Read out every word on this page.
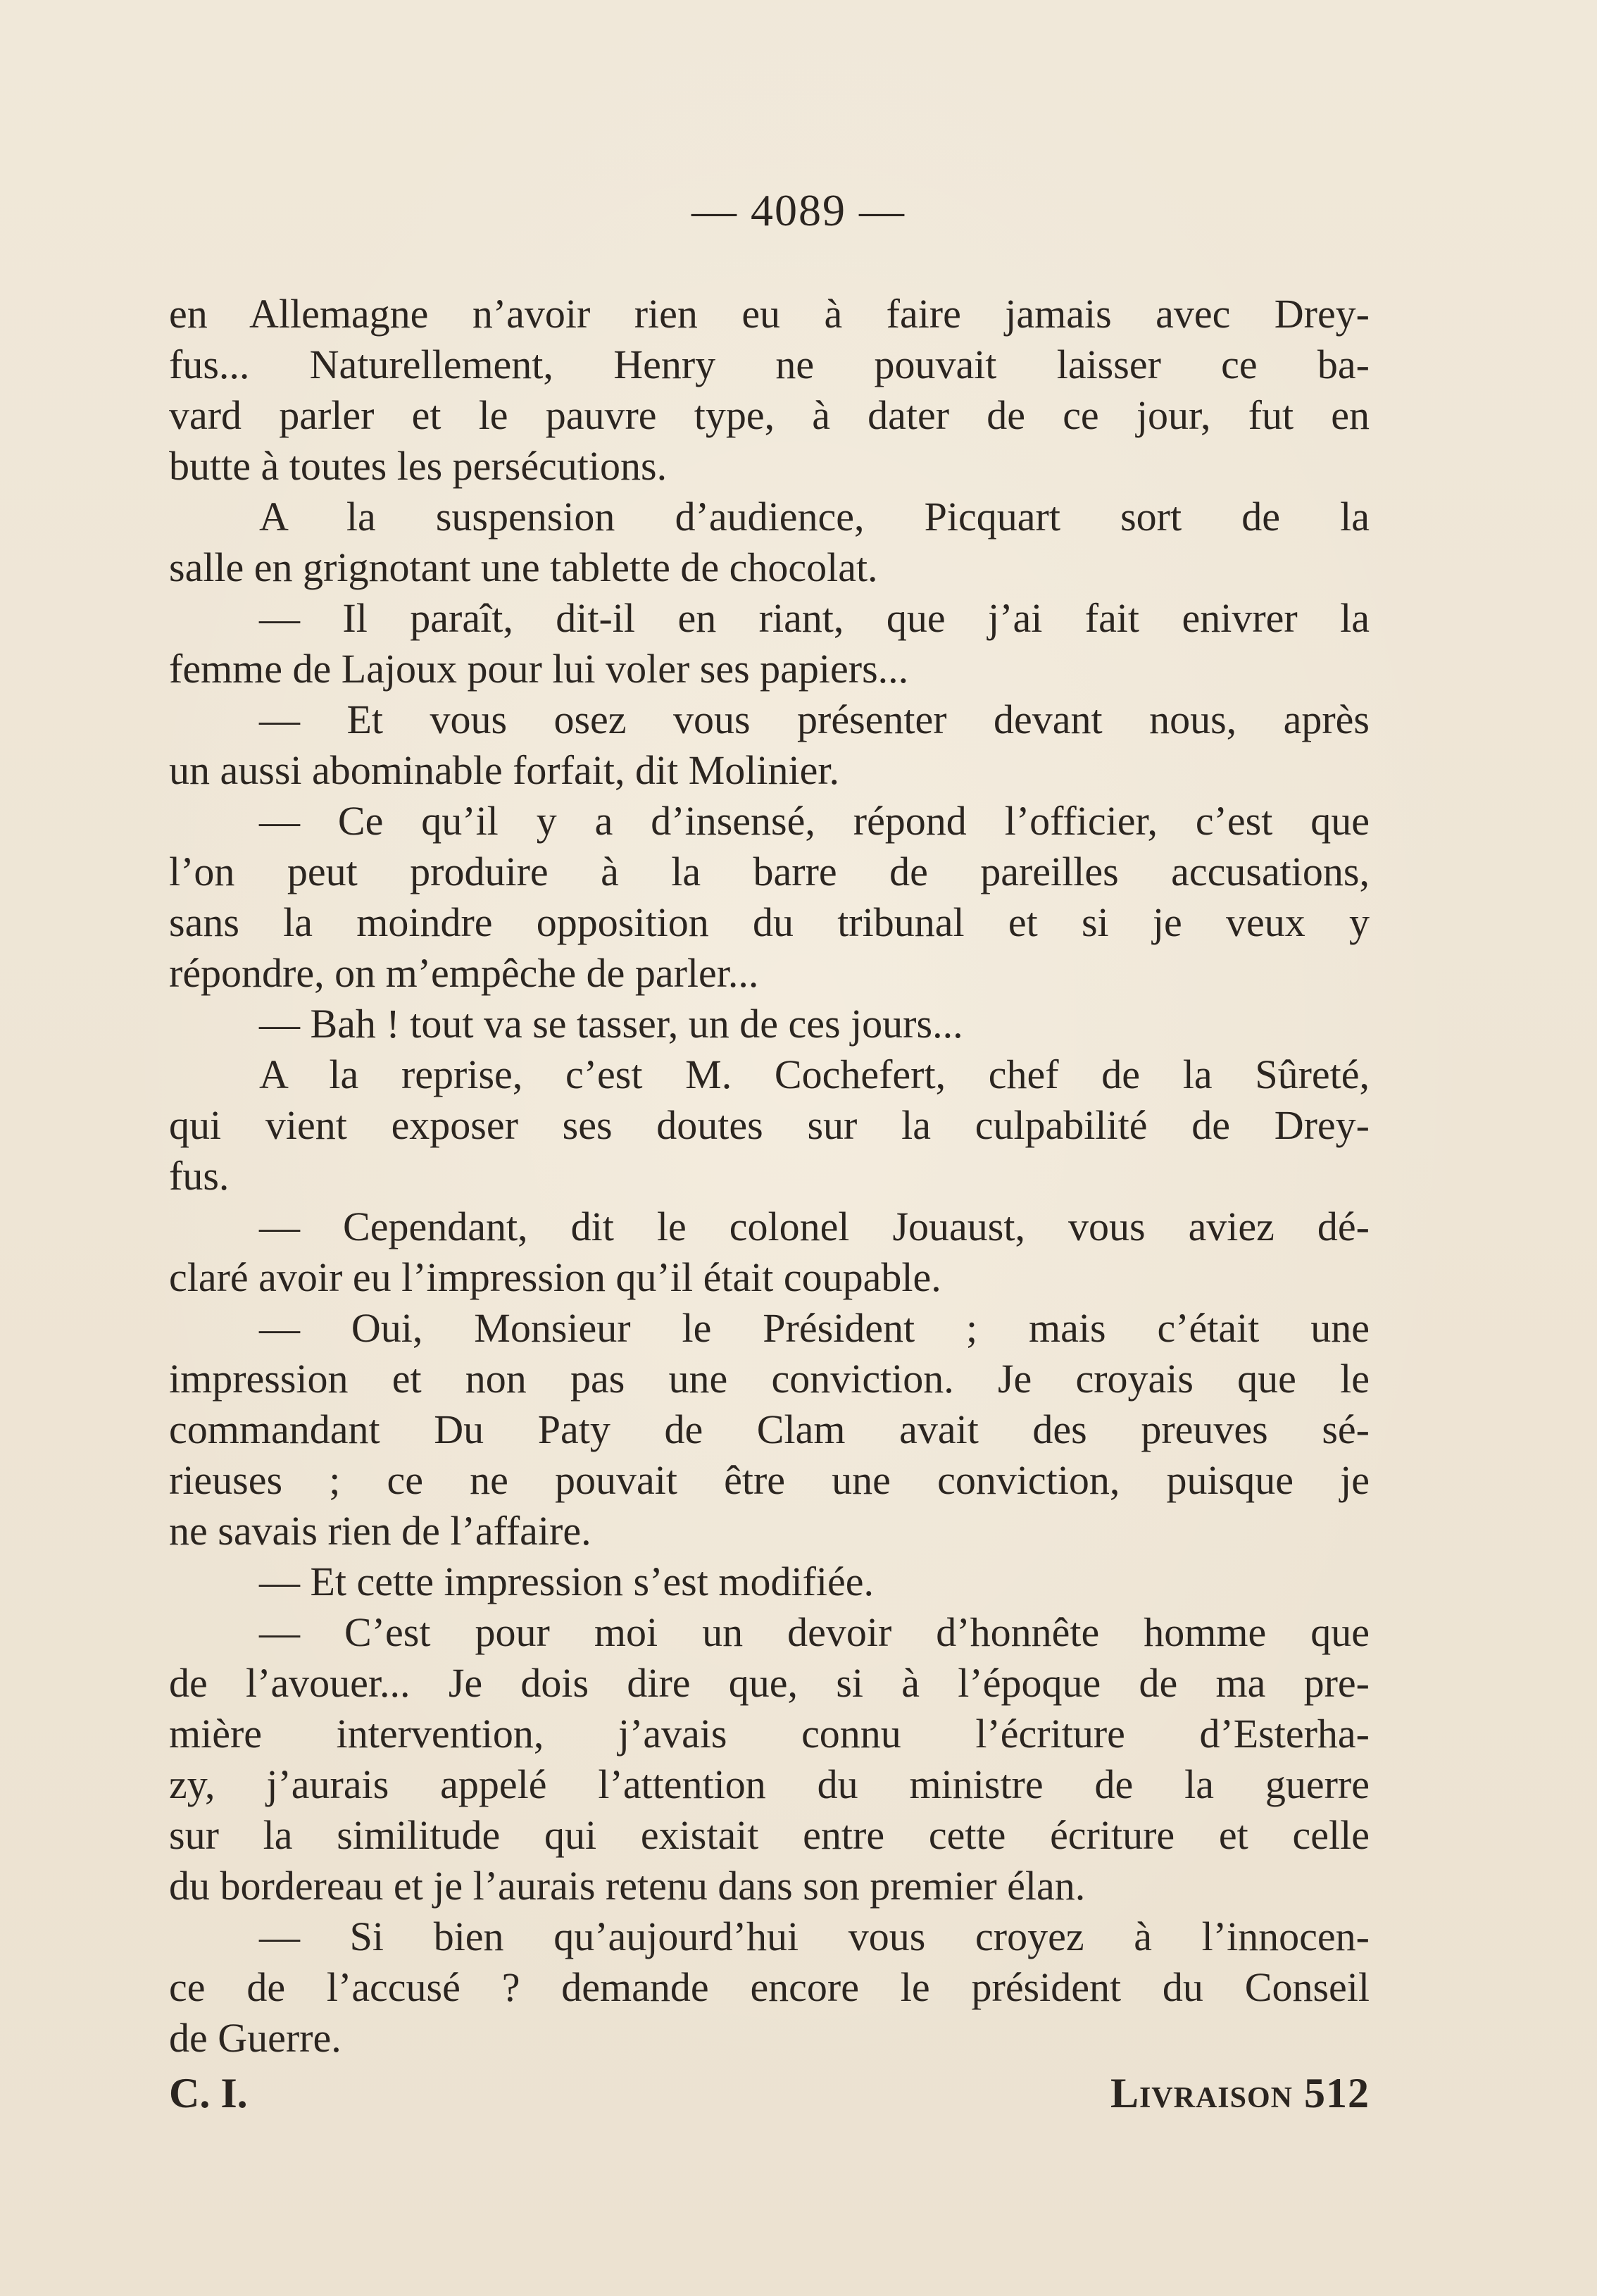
— 4089 —
en Allemagne n’avoir rien eu à faire jamais avec Drey-
fus... Naturellement, Henry ne pouvait laisser ce ba-
vard parler et le pauvre type, à dater de ce jour, fut en
butte à toutes les persécutions.
A la suspension d’audience, Picquart sort de la
salle en grignotant une tablette de chocolat.
— Il paraît, dit-il en riant, que j’ai fait enivrer la
femme de Lajoux pour lui voler ses papiers...
— Et vous osez vous présenter devant nous, après
un aussi abominable forfait, dit Molinier.
— Ce qu’il y a d’insensé, répond l’officier, c’est que
l’on peut produire à la barre de pareilles accusations,
sans la moindre opposition du tribunal et si je veux y
répondre, on m’empêche de parler...
— Bah ! tout va se tasser, un de ces jours...
A la reprise, c’est M. Cochefert, chef de la Sûreté,
qui vient exposer ses doutes sur la culpabilité de Drey-
fus.
— Cependant, dit le colonel Jouaust, vous aviez dé-
claré avoir eu l’impression qu’il était coupable.
— Oui, Monsieur le Président ; mais c’était une
impression et non pas une conviction. Je croyais que le
commandant Du Paty de Clam avait des preuves sé-
rieuses ; ce ne pouvait être une conviction, puisque je
ne savais rien de l’affaire.
— Et cette impression s’est modifiée.
— C’est pour moi un devoir d’honnête homme que
de l’avouer... Je dois dire que, si à l’époque de ma pre-
mière intervention, j’avais connu l’écriture d’Esterha-
zy, j’aurais appelé l’attention du ministre de la guerre
sur la similitude qui existait entre cette écriture et celle
du bordereau et je l’aurais retenu dans son premier élan.
— Si bien qu’aujourd’hui vous croyez à l’innocen-
ce de l’accusé ? demande encore le président du Conseil
de Guerre.
C. I.	Livraison 512
